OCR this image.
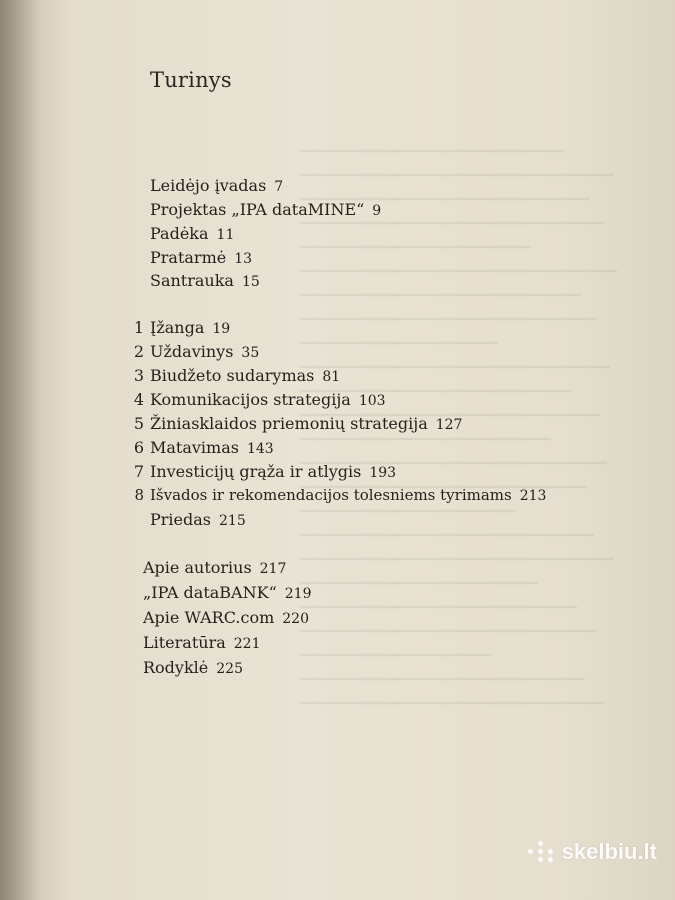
Turinys
Leidėjo įvadas 7
Projektas „IPA dataMINE“ 9
Padėka 11
Pratarmė 13
Santrauka 15
1 Įžanga 19
2 Uždavinys 35
3 Biudžeto sudarymas 81
4 Komunikacijos strategija 103
5 Žiniasklaidos priemonių strategija 127
6 Matavimas 143
7 Investicijų grąža ir atlygis 193
8 Išvados ir rekomendacijos tolesniems tyrimams 213
Priedas 215
Apie autorius 217
„IPA dataBANK“ 219
Apie WARC.com 220
Literatūra 221
Rodyklė 225
skelbiu.lt
